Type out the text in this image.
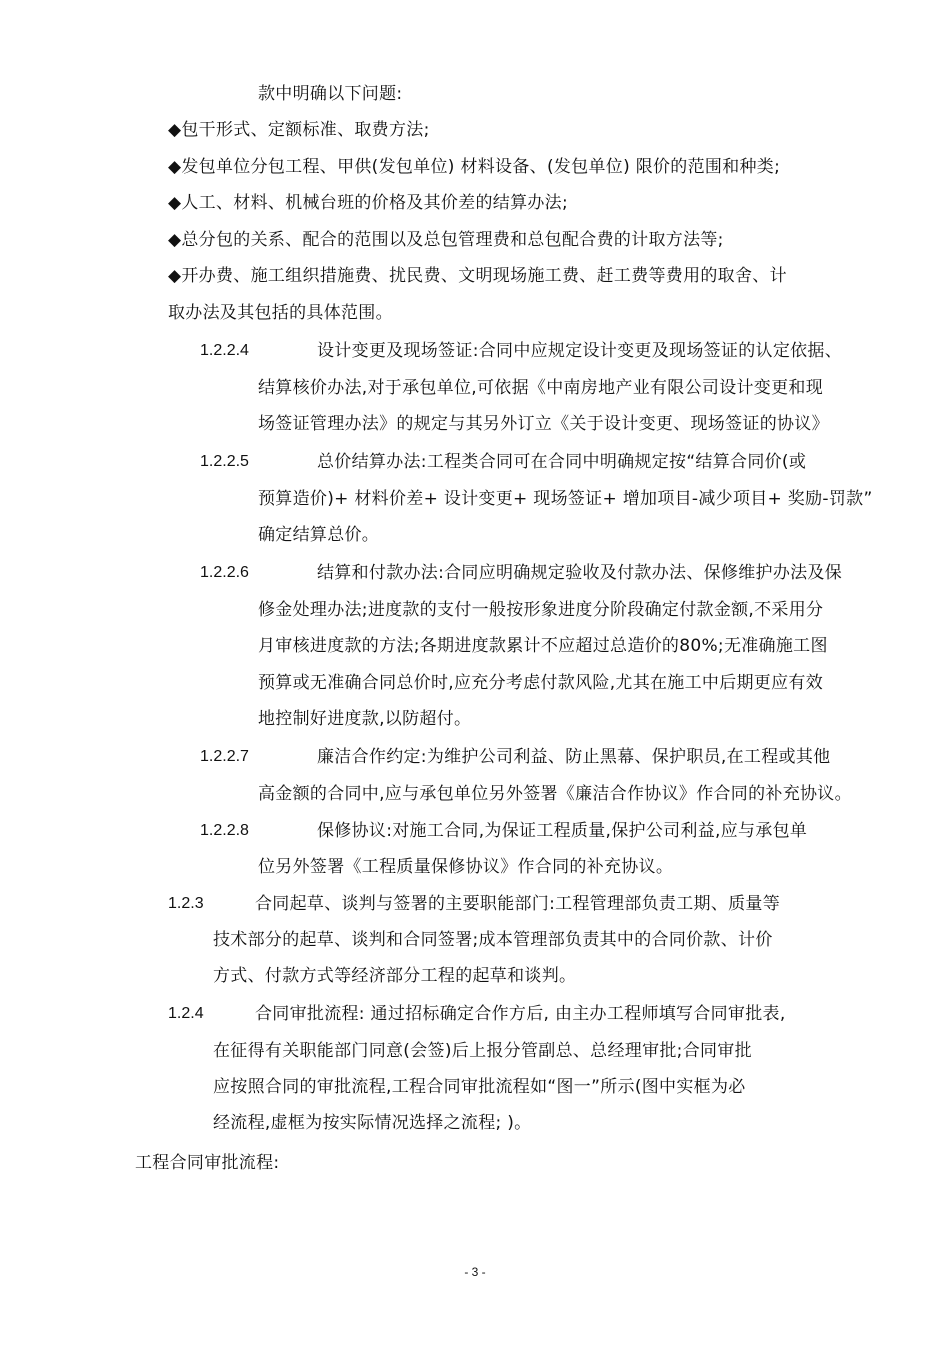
款中明确以下问题:
◆包干形式、定额标准、取费方法;
◆发包单位分包工程、甲供(发包单位) 材料设备、(发包单位) 限价的范围和种类;
◆人工、材料、机械台班的价格及其价差的结算办法;
◆总分包的关系、配合的范围以及总包管理费和总包配合费的计取方法等;
◆开办费、施工组织措施费、扰民费、文明现场施工费、赶工费等费用的取舍、计
取办法及其包括的具体范围。
1.2.2.4	设计变更及现场签证:合同中应规定设计变更及现场签证的认定依据、
结算核价办法,对于承包单位,可依据《中南房地产业有限公司设计变更和现
场签证管理办法》的规定与其另外订立《关于设计变更、现场签证的协议》
1.2.2.5	总价结算办法:工程类合同可在合同中明确规定按“结算合同价(或
预算造价)+ 材料价差+ 设计变更+ 现场签证+ 增加项目-减少项目+ 奖励-罚款”
确定结算总价。
1.2.2.6	结算和付款办法:合同应明确规定验收及付款办法、保修维护办法及保
修金处理办法;进度款的支付一般按形象进度分阶段确定付款金额,不采用分
月审核进度款的方法;各期进度款累计不应超过总造价的80%;无准确施工图
预算或无准确合同总价时,应充分考虑付款风险,尤其在施工中后期更应有效
地控制好进度款,以防超付。
1.2.2.7	廉洁合作约定:为维护公司利益、防止黑幕、保护职员,在工程或其他
高金额的合同中,应与承包单位另外签署《廉洁合作协议》作合同的补充协议。
1.2.2.8	保修协议:对施工合同,为保证工程质量,保护公司利益,应与承包单
位另外签署《工程质量保修协议》作合同的补充协议。
1.2.3	合同起草、谈判与签署的主要职能部门:工程管理部负责工期、质量等
技术部分的起草、谈判和合同签署;成本管理部负责其中的合同价款、计价
方式、付款方式等经济部分工程的起草和谈判。
1.2.4	合同审批流程: 通过招标确定合作方后, 由主办工程师填写合同审批表,
在征得有关职能部门同意(会签)后上报分管副总、总经理审批;合同审批
应按照合同的审批流程,工程合同审批流程如“图一”所示(图中实框为必
经流程,虚框为按实际情况选择之流程; )。
工程合同审批流程:
- 3 -
